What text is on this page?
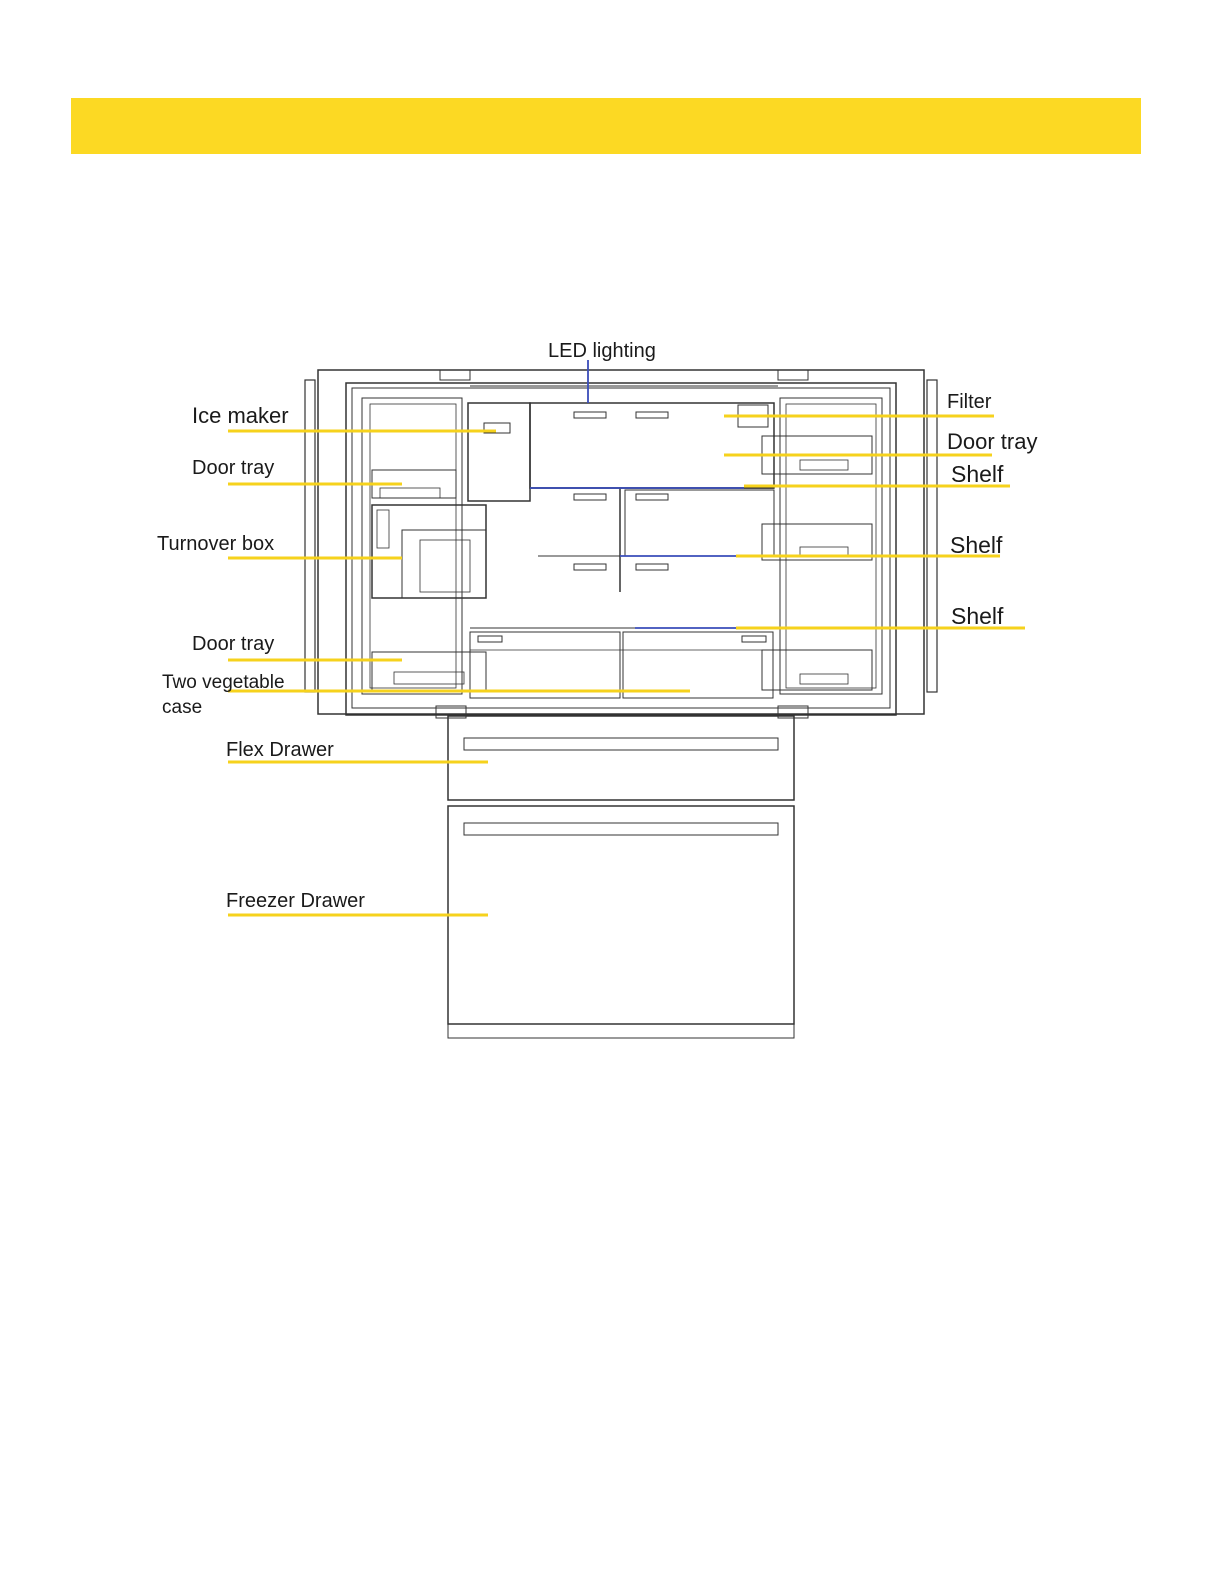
LED lighting
Ice maker
Door tray
Turnover box
Door tray
Two vegetable
case
Flex Drawer
Freezer Drawer
Filter
Door tray
Shelf
Shelf
Shelf
